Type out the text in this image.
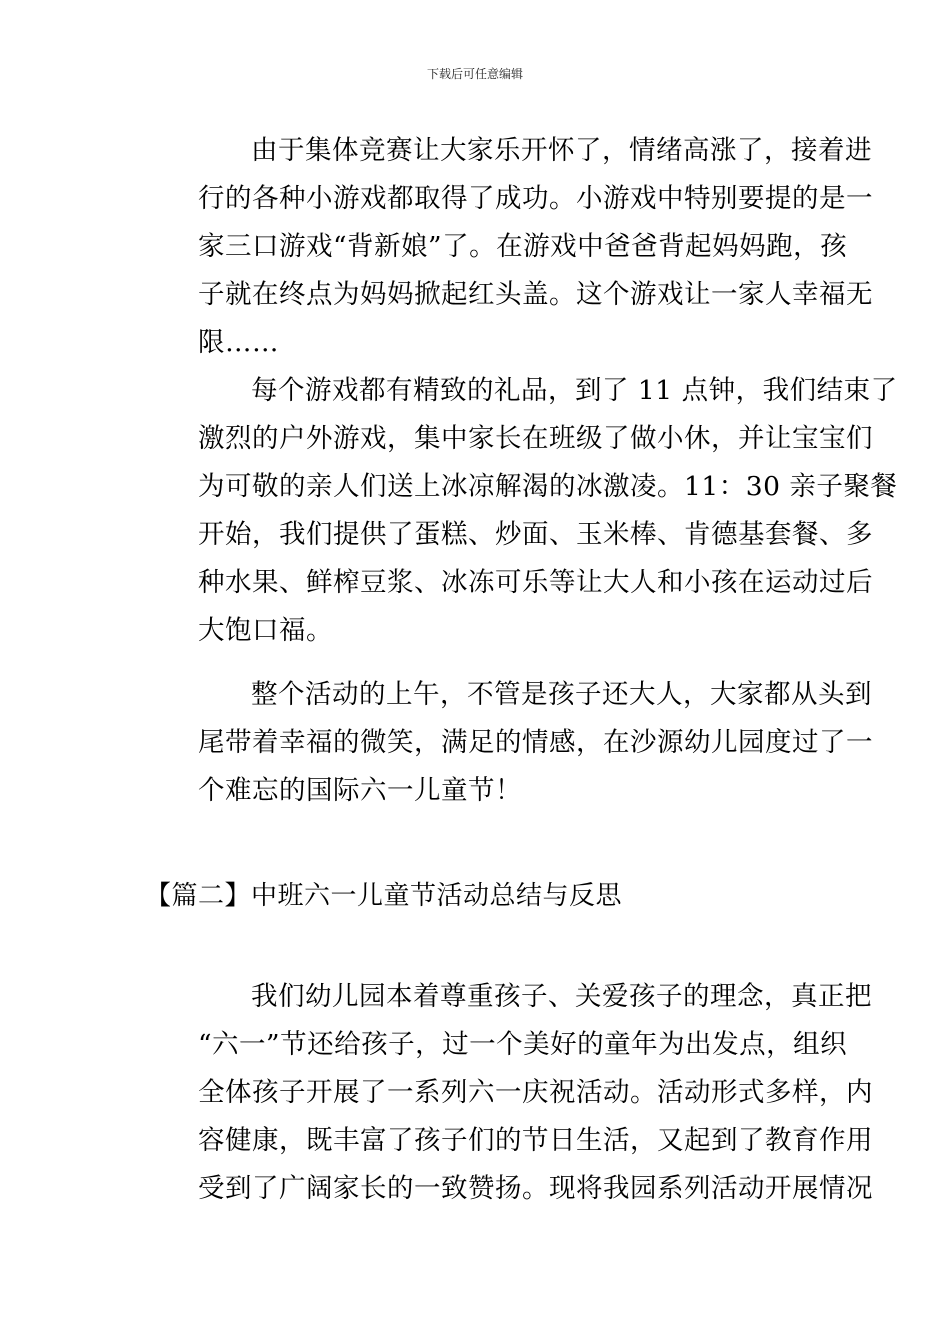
下载后可任意编辑
由于集体竞赛让大家乐开怀了，情绪高涨了，接着进
行的各种小游戏都取得了成功。小游戏中特别要提的是一
家三口游戏“背新娘”了。在游戏中爸爸背起妈妈跑，孩
子就在终点为妈妈掀起红头盖。这个游戏让一家人幸福无
限……
每个游戏都有精致的礼品，到了 11 点钟，我们结束了
激烈的户外游戏，集中家长在班级了做小休，并让宝宝们
为可敬的亲人们送上冰凉解渴的冰激凌。11：30 亲子聚餐
开始，我们提供了蛋糕、炒面、玉米棒、肯德基套餐、多
种水果、鲜榨豆浆、冰冻可乐等让大人和小孩在运动过后
大饱口福。
整个活动的上午，不管是孩子还大人，大家都从头到
尾带着幸福的微笑，满足的情感，在沙源幼儿园度过了一
个难忘的国际六一儿童节！
【篇二】中班六一儿童节活动总结与反思
我们幼儿园本着尊重孩子、关爱孩子的理念，真正把
“六一”节还给孩子，过一个美好的童年为出发点，组织
全体孩子开展了一系列六一庆祝活动。活动形式多样，内
容健康，既丰富了孩子们的节日生活，又起到了教育作用
受到了广阔家长的一致赞扬。现将我园系列活动开展情况
